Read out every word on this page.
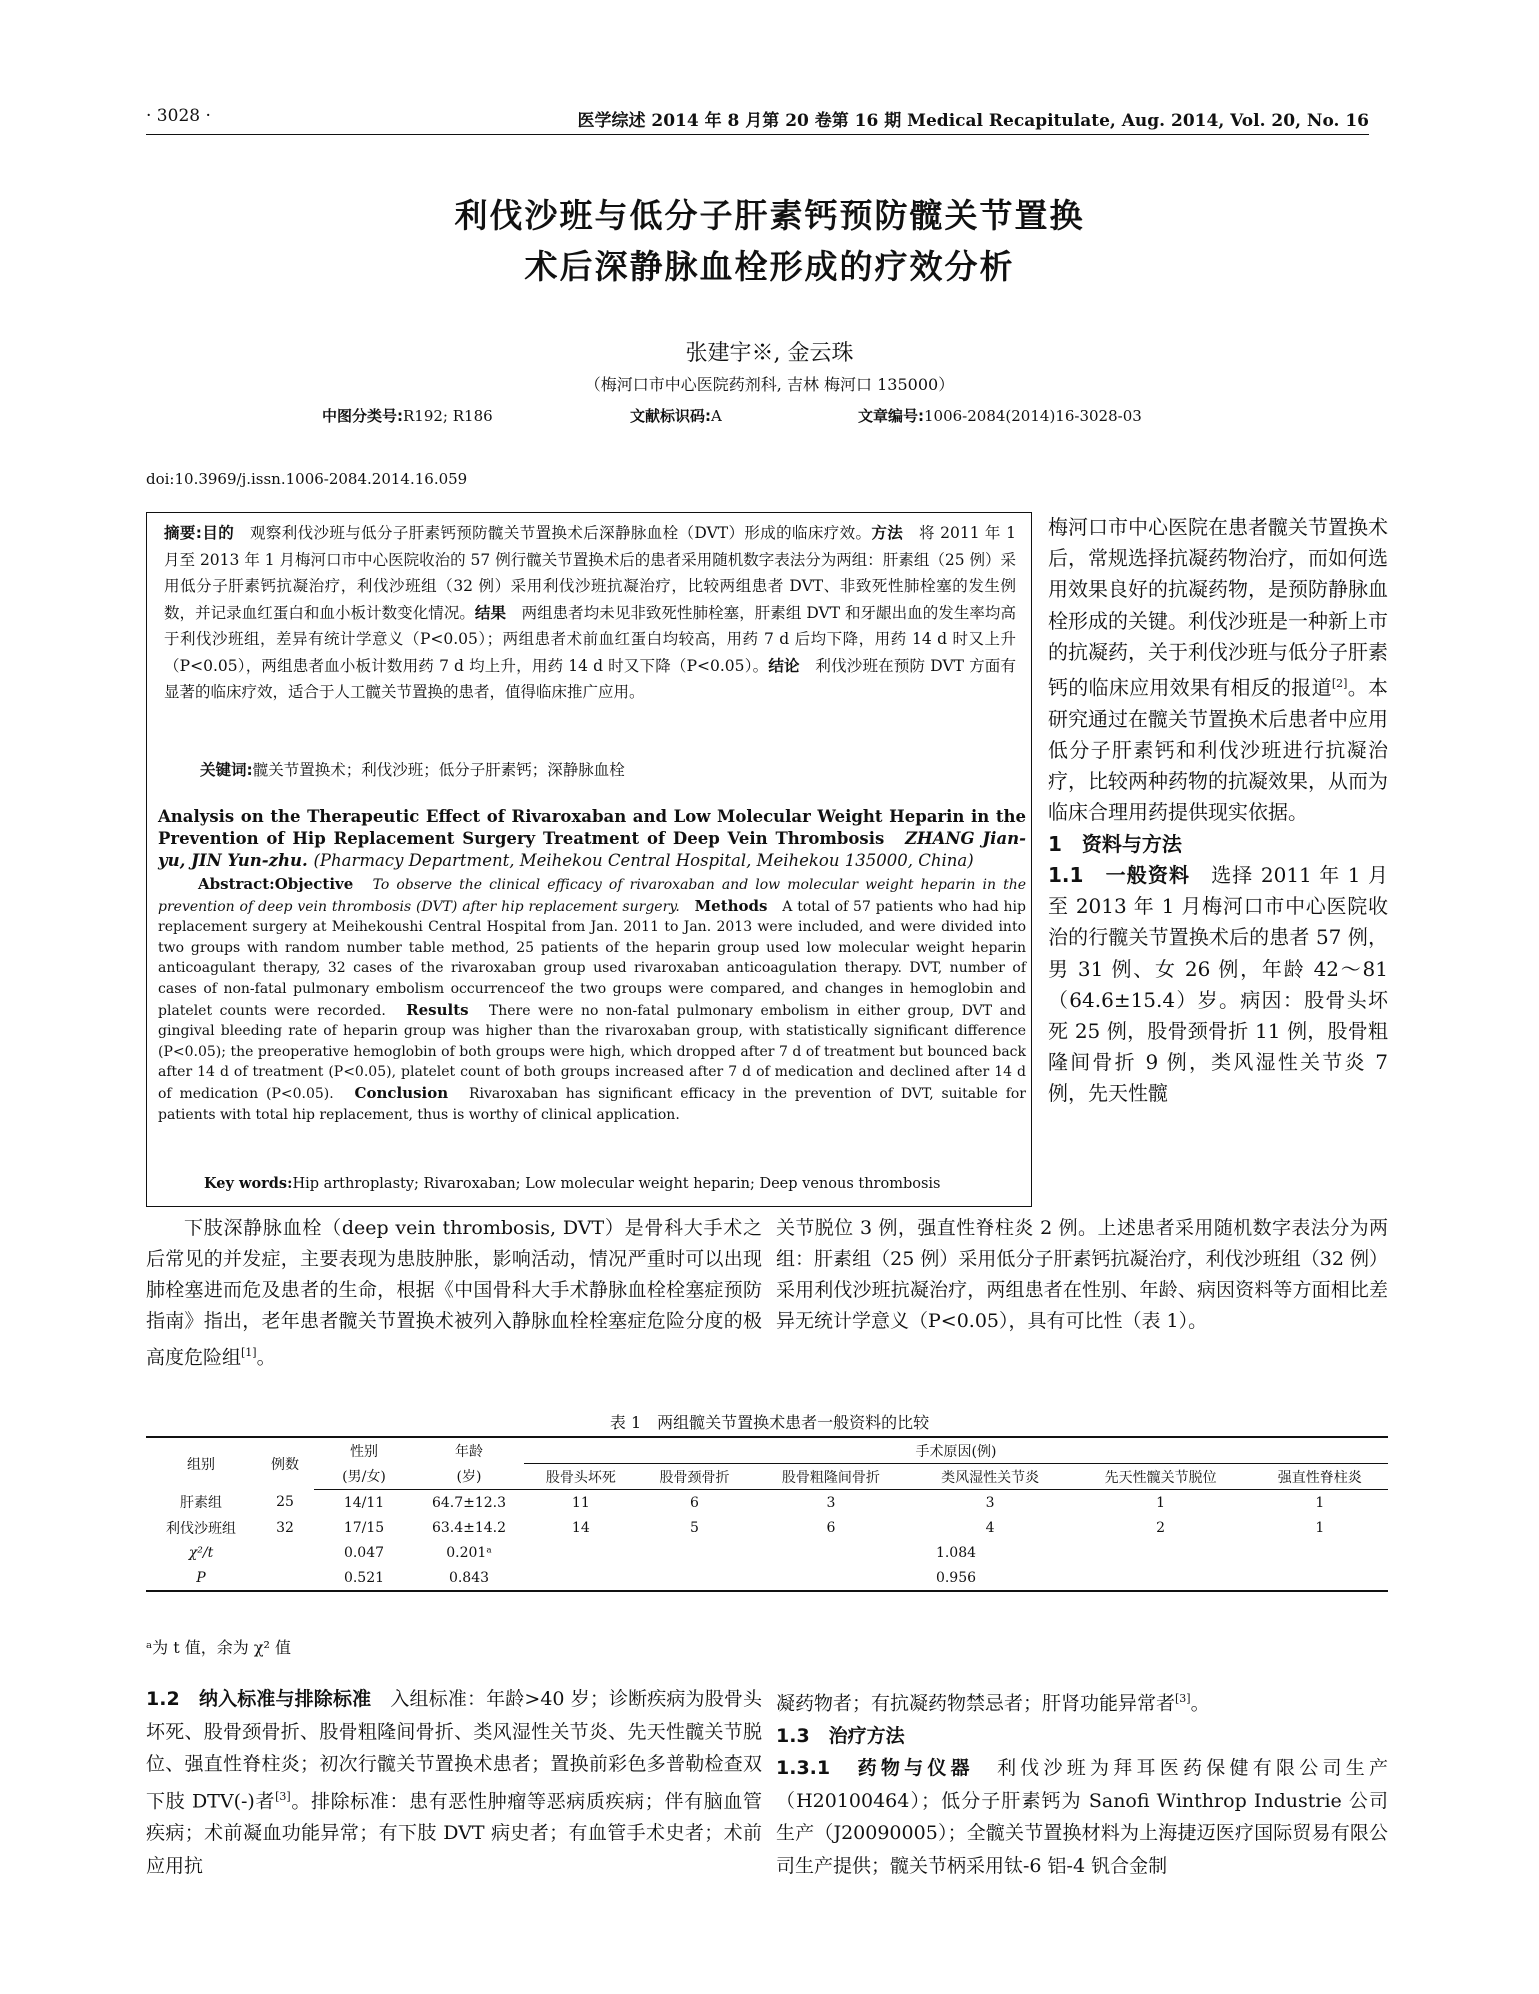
· 3028 ·	医学综述 2014 年 8 月第 20 卷第 16 期 Medical Recapitulate, Aug. 2014, Vol. 20, No. 16
利伐沙班与低分子肝素钙预防髋关节置换
术后深静脉血栓形成的疗效分析
张建宇※, 金云珠
（梅河口市中心医院药剂科, 吉林 梅河口 135000）
中图分类号:R192; R186	文献标识码:A	文章编号:1006-2084(2014)16-3028-03
doi:10.3969/j.issn.1006-2084.2014.16.059
摘要:目的　 观察利伐沙班与低分子肝素钙预防髋关节置换术后深静脉血栓（DVT）形成的临床疗效。方法　 将 2011 年 1 月至 2013 年 1 月梅河口市中心医院收治的 57 例行髋关节置换术后的患者采用随机数字表法分为两组：肝素组（25 例）采用低分子肝素钙抗凝治疗，利伐沙班组（32 例）采用利伐沙班抗凝治疗，比较两组患者 DVT、非致死性肺栓塞的发生例数，并记录血红蛋白和血小板计数变化情况。结果　 两组患者均未见非致死性肺栓塞，肝素组 DVT 和牙龈出血的发生率均高于利伐沙班组，差异有统计学意义（P<0.05）；两组患者术前血红蛋白均较高，用药 7 d 后均下降，用药 14 d 时又上升（P<0.05），两组患者血小板计数用药 7 d 均上升，用药 14 d 时又下降（P<0.05）。结论　 利伐沙班在预防 DVT 方面有显著的临床疗效，适合于人工髋关节置换的患者，值得临床推广应用。
关键词:髋关节置换术；利伐沙班；低分子肝素钙；深静脉血栓
Analysis on the Therapeutic Effect of Rivaroxaban and Low Molecular Weight Heparin in the Prevention of Hip Replacement Surgery Treatment of Deep Vein Thrombosis　 ZHANG Jian-yu, JIN Yun-zhu. (Pharmacy Department, Meihekou Central Hospital, Meihekou 135000, China)
Abstract:Objective　 To observe the clinical efficacy of rivaroxaban and low molecular weight heparin in the prevention of deep vein thrombosis (DVT) after hip replacement surgery.　 Methods　 A total of 57 patients who had hip replacement surgery at Meihekoushi Central Hospital from Jan. 2011 to Jan. 2013 were included, and were divided into two groups with random number table method, 25 patients of the heparin group used low molecular weight heparin anticoagulant therapy, 32 cases of the rivaroxaban group used rivaroxaban anticoagulation therapy. DVT, number of cases of non-fatal pulmonary embolism occurrenceof the two groups were compared, and changes in hemoglobin and platelet counts were recorded.　 Results　 There were no non-fatal pulmonary embolism in either group, DVT and gingival bleeding rate of heparin group was higher than the rivaroxaban group, with statistically significant difference (P<0.05); the preoperative hemoglobin of both groups were high, which dropped after 7 d of treatment but bounced back after 14 d of treatment (P<0.05), platelet count of both groups increased after 7 d of medication and declined after 14 d of medication (P<0.05).　 Conclusion　 Rivaroxaban has significant efficacy in the prevention of DVT, suitable for patients with total hip replacement, thus is worthy of clinical application.
Key words:Hip arthroplasty; Rivaroxaban; Low molecular weight heparin; Deep venous thrombosis
梅河口市中心医院在患者髋关节置换术后，常规选择抗凝药物治疗，而如何选用效果良好的抗凝药物，是预防静脉血栓形成的关键。利伐沙班是一种新上市的抗凝药，关于利伐沙班与低分子肝素钙的临床应用效果有相反的报道[2]。本研究通过在髋关节置换术后患者中应用低分子肝素钙和利伐沙班进行抗凝治疗，比较两种药物的抗凝效果，从而为临床合理用药提供现实依据。
1　资料与方法
1.1　一般资料　 选择 2011 年 1 月至 2013 年 1 月梅河口市中心医院收治的行髋关节置换术后的患者 57 例，男 31 例、女 26 例，年龄 42～81（64.6±15.4）岁。病因：股骨头坏死 25 例，股骨颈骨折 11 例，股骨粗隆间骨折 9 例，类风湿性关节炎 7 例，先天性髋
下肢深静脉血栓（deep vein thrombosis, DVT）是骨科大手术之后常见的并发症，主要表现为患肢肿胀，影响活动，情况严重时可以出现肺栓塞进而危及患者的生命，根据《中国骨科大手术静脉血栓栓塞症预防指南》指出，老年患者髋关节置换术被列入静脉血栓栓塞症危险分度的极高度危险组[1]。
关节脱位 3 例，强直性脊柱炎 2 例。上述患者采用随机数字表法分为两组：肝素组（25 例）采用低分子肝素钙抗凝治疗，利伐沙班组（32 例）采用利伐沙班抗凝治疗，两组患者在性别、年龄、病因资料等方面相比差异无统计学意义（P<0.05），具有可比性（表 1）。
表 1　两组髋关节置换术患者一般资料的比较
组别	例数	性别	年龄	手术原因(例)					
		(男/女)	(岁)	股骨头坏死	股骨颈骨折	股骨粗隆间骨折	类风湿性关节炎	先天性髋关节脱位	强直性脊柱炎
肝素组	25	14/11	64.7±12.3	11	6	3	3	1	1
利伐沙班组	32	17/15	63.4±14.2	14	5	6	4	2	1
χ²/t		0.047	0.201ᵃ	1.084					
P		0.521	0.843	0.956					
ᵃ为 t 值，余为 χ² 值
1.2　纳入标准与排除标准　 入组标准：年龄>40 岁；诊断疾病为股骨头坏死、股骨颈骨折、股骨粗隆间骨折、类风湿性关节炎、先天性髋关节脱位、强直性脊柱炎；初次行髋关节置换术患者；置换前彩色多普勒检查双下肢 DTV(-)者[3]。排除标准：患有恶性肿瘤等恶病质疾病；伴有脑血管疾病；术前凝血功能异常；有下肢 DVT 病史者；有血管手术史者；术前应用抗
凝药物者；有抗凝药物禁忌者；肝肾功能异常者[3]。
1.3　治疗方法
1.3.1　药物与仪器　 利伐沙班为拜耳医药保健有限公司生产（H20100464）；低分子肝素钙为 Sanofi Winthrop Industrie 公司生产（J20090005）；全髋关节置换材料为上海捷迈医疗国际贸易有限公司生产提供；髋关节柄采用钛-6 铝-4 钒合金制
